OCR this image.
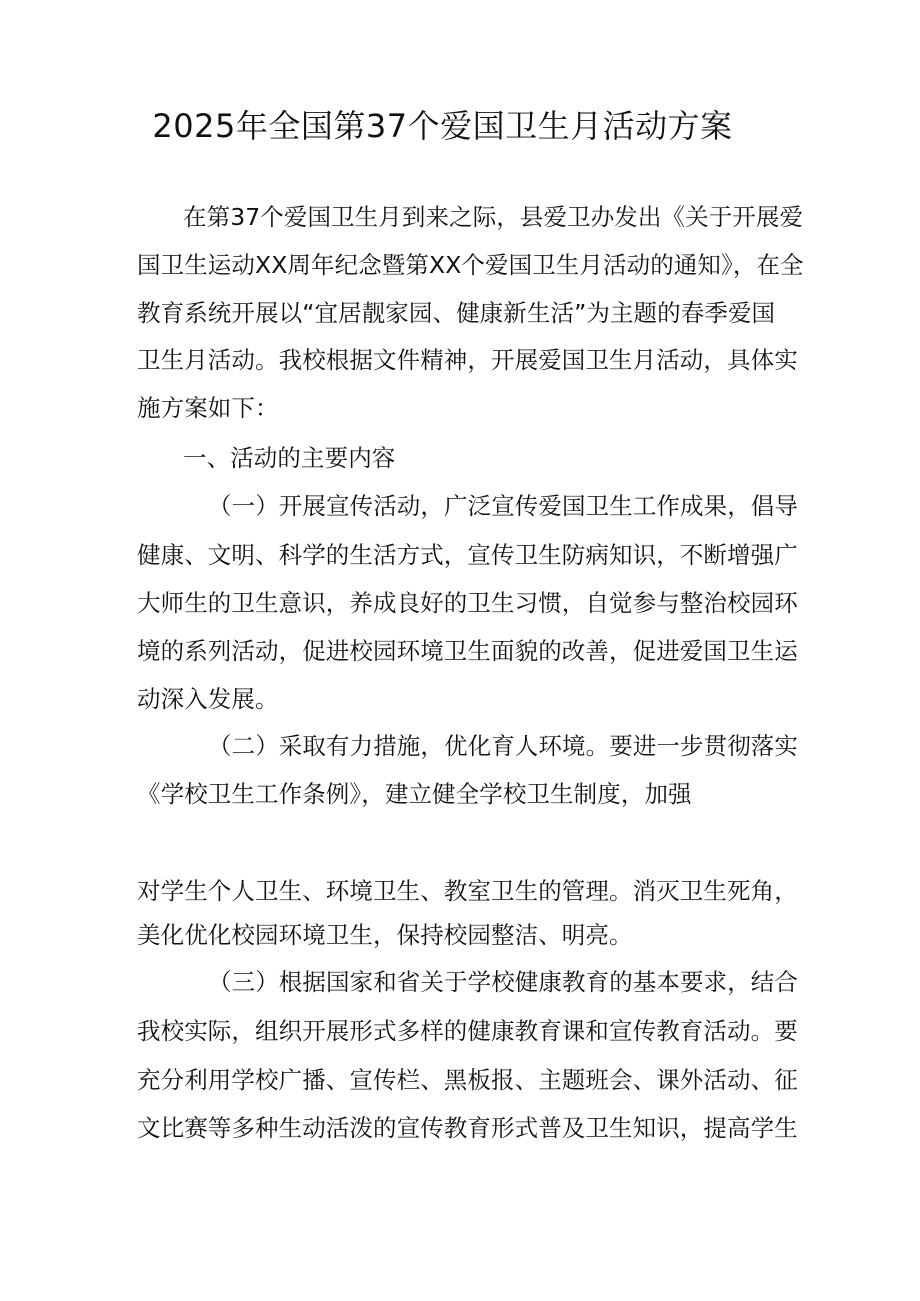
2025年全国第37个爱国卫生月活动方案
在第37个爱国卫生月到来之际，县爱卫办发出《关于开展爱
国卫生运动XX周年纪念暨第XX个爱国卫生月活动的通知》，在全
教育系统开展以“宜居靓家园、健康新生活”为主题的春季爱国
卫生月活动。我校根据文件精神，开展爱国卫生月活动，具体实
施方案如下：
一、活动的主要内容
（一）开展宣传活动，广泛宣传爱国卫生工作成果，倡导
健康、文明、科学的生活方式，宣传卫生防病知识，不断增强广
大师生的卫生意识，养成良好的卫生习惯，自觉参与整治校园环
境的系列活动，促进校园环境卫生面貌的改善，促进爱国卫生运
动深入发展。
（二）采取有力措施，优化育人环境。要进一步贯彻落实
《学校卫生工作条例》，建立健全学校卫生制度，加强
对学生个人卫生、环境卫生、教室卫生的管理。消灭卫生死角，
美化优化校园环境卫生，保持校园整洁、明亮。
（三）根据国家和省关于学校健康教育的基本要求，结合
我校实际，组织开展形式多样的健康教育课和宣传教育活动。要
充分利用学校广播、宣传栏、黑板报、主题班会、课外活动、征
文比赛等多种生动活泼的宣传教育形式普及卫生知识，提高学生
